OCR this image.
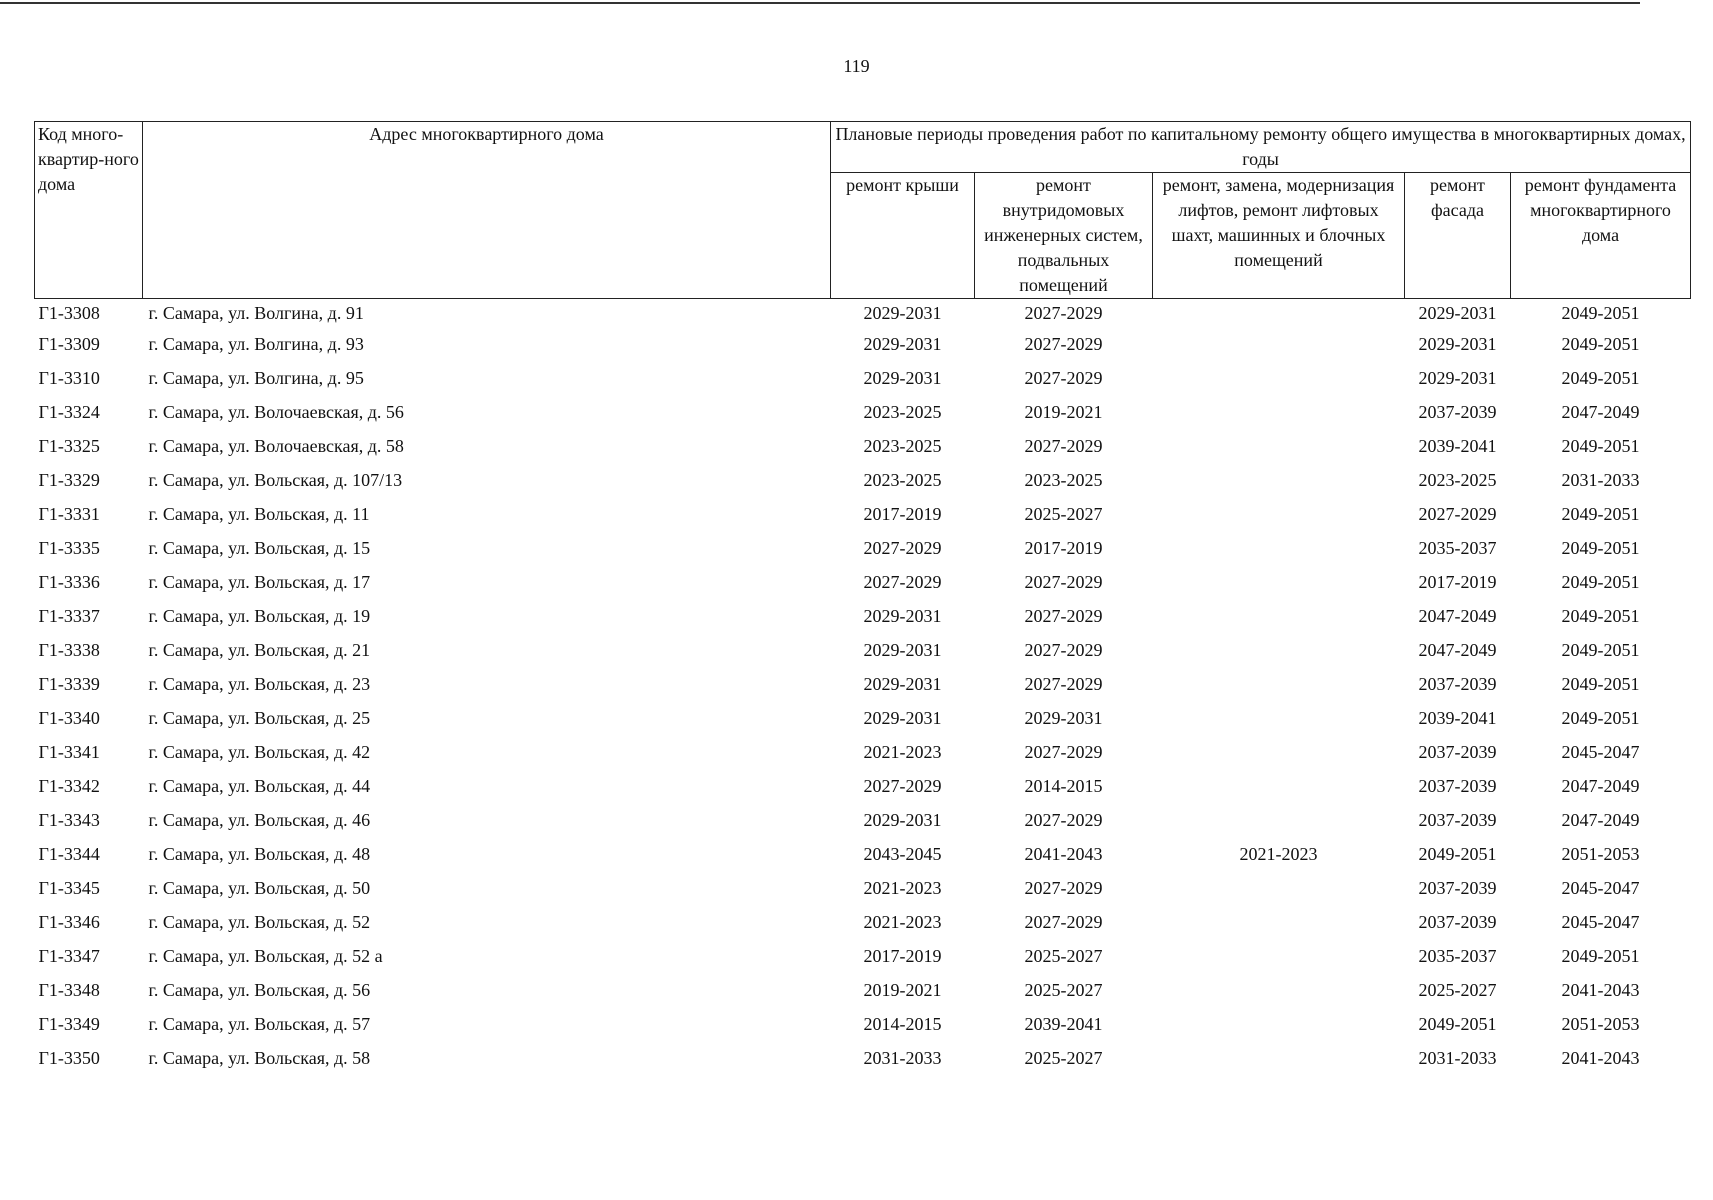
119
Код много-квартир-ного дома	Адрес многоквартирного дома	Плановые периоды проведения работ по капитальному ремонту общего имущества в многоквартирных домах, годы				
		ремонт крыши	ремонт внутридомовых инженерных систем, подвальных помещений	ремонт, замена, модернизация лифтов, ремонт лифтовых шахт, машинных и блочных помещений	ремонт фасада	ремонт фундамента многоквартирного дома
Г1-3308	г. Самара, ул. Волгина, д. 91	2029-2031	2027-2029		2029-2031	2049-2051
Г1-3309	г. Самара, ул. Волгина, д. 93	2029-2031	2027-2029		2029-2031	2049-2051
Г1-3310	г. Самара, ул. Волгина, д. 95	2029-2031	2027-2029		2029-2031	2049-2051
Г1-3324	г. Самара, ул. Волочаевская, д. 56	2023-2025	2019-2021		2037-2039	2047-2049
Г1-3325	г. Самара, ул. Волочаевская, д. 58	2023-2025	2027-2029		2039-2041	2049-2051
Г1-3329	г. Самара, ул. Вольская, д. 107/13	2023-2025	2023-2025		2023-2025	2031-2033
Г1-3331	г. Самара, ул. Вольская, д. 11	2017-2019	2025-2027		2027-2029	2049-2051
Г1-3335	г. Самара, ул. Вольская, д. 15	2027-2029	2017-2019		2035-2037	2049-2051
Г1-3336	г. Самара, ул. Вольская, д. 17	2027-2029	2027-2029		2017-2019	2049-2051
Г1-3337	г. Самара, ул. Вольская, д. 19	2029-2031	2027-2029		2047-2049	2049-2051
Г1-3338	г. Самара, ул. Вольская, д. 21	2029-2031	2027-2029		2047-2049	2049-2051
Г1-3339	г. Самара, ул. Вольская, д. 23	2029-2031	2027-2029		2037-2039	2049-2051
Г1-3340	г. Самара, ул. Вольская, д. 25	2029-2031	2029-2031		2039-2041	2049-2051
Г1-3341	г. Самара, ул. Вольская, д. 42	2021-2023	2027-2029		2037-2039	2045-2047
Г1-3342	г. Самара, ул. Вольская, д. 44	2027-2029	2014-2015		2037-2039	2047-2049
Г1-3343	г. Самара, ул. Вольская, д. 46	2029-2031	2027-2029		2037-2039	2047-2049
Г1-3344	г. Самара, ул. Вольская, д. 48	2043-2045	2041-2043	2021-2023	2049-2051	2051-2053
Г1-3345	г. Самара, ул. Вольская, д. 50	2021-2023	2027-2029		2037-2039	2045-2047
Г1-3346	г. Самара, ул. Вольская, д. 52	2021-2023	2027-2029		2037-2039	2045-2047
Г1-3347	г. Самара, ул. Вольская, д. 52 а	2017-2019	2025-2027		2035-2037	2049-2051
Г1-3348	г. Самара, ул. Вольская, д. 56	2019-2021	2025-2027		2025-2027	2041-2043
Г1-3349	г. Самара, ул. Вольская, д. 57	2014-2015	2039-2041		2049-2051	2051-2053
Г1-3350	г. Самара, ул. Вольская, д. 58	2031-2033	2025-2027		2031-2033	2041-2043
